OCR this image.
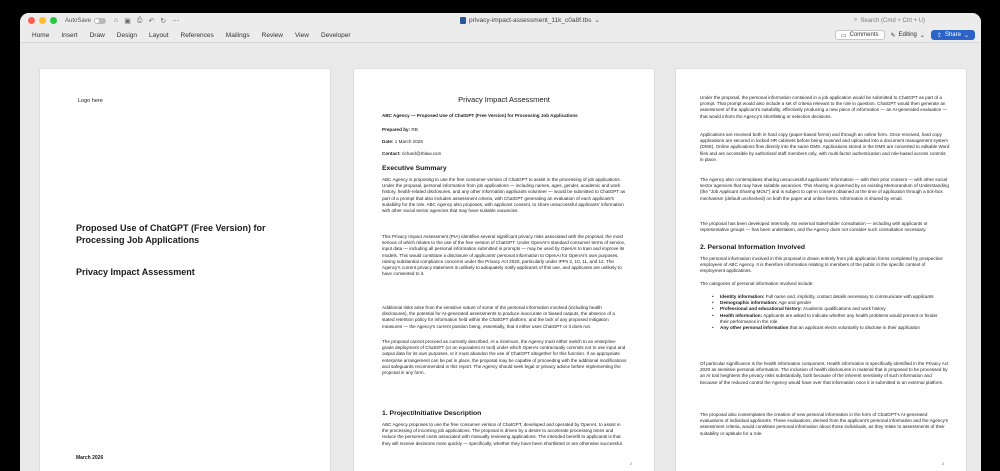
AutoSave	⌂ ▣ ⎙ ↶ ↻ ⋯	privacy-impact-assessment_11k_c0a8f.tbs ⌄	⌕ Search (Cmd + Ctrl + U)
Home	Insert	Draw	Design	Layout	References	Mailings	Review	View	Developer	▭ Comments ✎ Editing ⌄ ⇪ Share ⌄
Logo here
Proposed Use of ChatGPT (Free Version) for Processing Job Applications
Privacy Impact Assessment
March 2026
Privacy Impact Assessment
ABC Agency — Proposed Use of ChatGPT (Free Version) for Processing Job Applications
Prepared by: RB
Date: 1 March 2026
Contact: richard@rblaw.com
Executive Summary
ABC Agency is proposing to use the free consumer version of ChatGPT to assist in the processing of job applications. Under the proposal, personal information from job applications — including names, ages, gender, academic and work history, health-related disclosures, and any other information applicants volunteer — would be submitted to ChatGPT as part of a prompt that also includes assessment criteria, with ChatGPT generating an evaluation of each applicant's suitability for the role. ABC Agency also proposes, with applicant consent, to share unsuccessful applicants' information with other social sector agencies that may have suitable vacancies.
This Privacy Impact Assessment (PIA) identifies several significant privacy risks associated with the proposal, the most serious of which relates to the use of the free version of ChatGPT. Under OpenAI's standard consumer terms of service, input data — including all personal information submitted in prompts — may be used by OpenAI to train and improve its models. This would constitute a disclosure of applicants' personal information to OpenAI for OpenAI's own purposes, raising substantial compliance concerns under the Privacy Act 2020, particularly under IPPs 2, 10, 11, and 12. The Agency's current privacy statement is unlikely to adequately notify applicants of this use, and applicants are unlikely to have consented to it.
Additional risks arise from the sensitive nature of some of the personal information involved (including health disclosures), the potential for AI-generated assessments to produce inaccurate or biased outputs, the absence of a stated retention policy for information held within the ChatGPT platform, and the lack of any proposed mitigation measures — the Agency's current position being, essentially, that it either uses ChatGPT or it does not.
The proposal cannot proceed as currently described. At a minimum, the Agency must either switch to an enterprise-grade deployment of ChatGPT (or an equivalent AI tool) under which OpenAI contractually commits not to use input and output data for its own purposes, or it must abandon the use of ChatGPT altogether for this function. If an appropriate enterprise arrangement can be put in place, the proposal may be capable of proceeding with the additional modifications and safeguards recommended in this report. The Agency should seek legal or privacy advice before implementing the proposal in any form.
1. Project/Initiative Description
ABC Agency proposes to use the free consumer version of ChatGPT, developed and operated by OpenAI, to assist in the processing of incoming job applications. The proposal is driven by a desire to accelerate processing times and reduce the personnel costs associated with manually reviewing applications. The intended benefit to applicants is that they will receive decisions more quickly — specifically, whether they have been shortlisted or are otherwise successful.
2
Under the proposal, the personal information contained in a job application would be submitted to ChatGPT as part of a prompt. That prompt would also include a set of criteria relevant to the role in question. ChatGPT would then generate an assessment of the applicant's suitability, effectively producing a new piece of information — an AI-generated evaluation — that would inform the Agency's shortlisting or selection decisions.
Applications are received both in hard copy (paper-based forms) and through an online form. Once received, hard copy applications are secured in locked HR cabinets before being scanned and uploaded into a document management system (DMS). Online applications flow directly into the same DMS. Applications stored in the DMS are converted to editable Word files and are accessible by authorised staff members only, with multi-factor authentication and role-based access controls in place.
The Agency also contemplates sharing unsuccessful applicants' information — with their prior consent — with other social sector agencies that may have suitable vacancies. This sharing is governed by an existing Memorandum of Understanding (the "Job Applicant Sharing MOU") and is subject to opt-in consent obtained at the time of application through a tick-box mechanism (default unchecked) on both the paper and online forms. Information is shared by email.
The proposal has been developed internally. No external stakeholder consultation — including with applicants or representative groups — has been undertaken, and the Agency does not consider such consultation necessary.
2. Personal Information Involved
The personal information involved in this proposal is drawn entirely from job application forms completed by prospective employees of ABC Agency. It is therefore information relating to members of the public in the specific context of employment applications.
The categories of personal information involved include:
• Identity information: Full name and, implicitly, contact details necessary to communicate with applicants
• Demographic information: Age and gender
• Professional and educational history: Academic qualifications and work history
• Health information: Applicants are asked to indicate whether any health problems would prevent or hinder their performance in the role
• Any other personal information that an applicant elects voluntarily to disclose in their application
Of particular significance is the health information component. Health information is specifically identified in the Privacy Act 2020 as sensitive personal information. The inclusion of health disclosures in material that is proposed to be processed by an AI tool heightens the privacy risks substantially, both because of the inherent sensitivity of such information and because of the reduced control the Agency would have over that information once it is submitted to an external platform.
The proposal also contemplates the creation of new personal information in the form of ChatGPT's AI-generated evaluations of individual applicants. These evaluations, derived from the applicant's personal information and the Agency's assessment criteria, would constitute personal information about those individuals, as they relate to assessments of their suitability or aptitude for a role.
3
